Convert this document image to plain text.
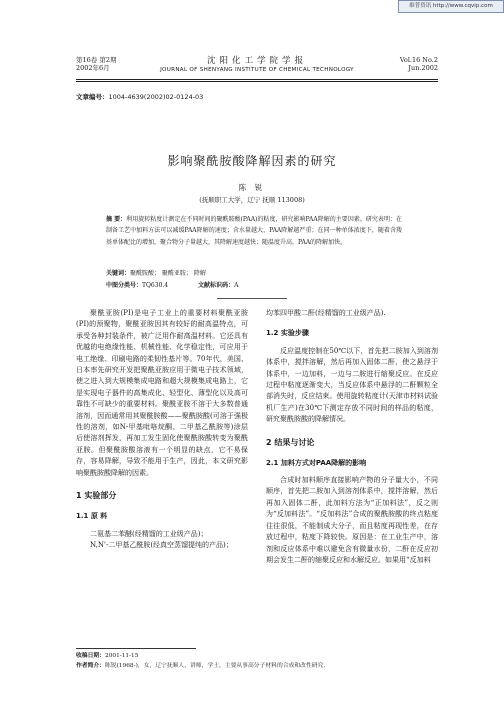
维普资讯 http://www.cqvip.com
第16卷 第2期
2002年6月
沈阳化工学院学报
JOURNAL OF SHENYANG INSTITUTE OF CHEMICAL TECHNOLOGY
Vol.16 No.2
Jun.2002
文章编号：1004-4639(2002)02-0124-03
影响聚酰胺酸降解因素的研究
陈 锐
(抚顺职工大学，辽宁 抚顺 113008)
摘 要：利用旋转粘度计测定在不同时间的聚酰胺酸(PAA)的粘度，研究影响PAA降解的主要因素。研究表明：在制备工艺中加料方法可以减缓PAA降解的速度；含水量越大，PAA降解越严重；在同一种单体浓度下，随着含羧基单体配比的增加，聚合物分子量越大，其降解速度越快；随温度升高，PAA的降解加快。
关键词：聚酰胺酸； 聚酰亚胺； 降解
中图分类号：TQ630.4	文献标识码：A

聚酰亚胺(PI)是电子工业上的重要材料聚酰亚胺(PI)的预聚物，聚酰亚胺因其有较好的耐高温特点，可承受各种封装条件，被广泛用作耐高温材料。它还具有优越的电绝缘性能、机械性能、化学稳定性，可应用于电工绝缘、印刷电路的柔韧性基片等。70年代，美国、日本率先研究开发把聚酰亚胺应用于微电子技术领域，使之进入到大规模集成电路和超大规模集成电路上，它是实现电子器件的高集成化、轻型化、薄型化以及高可靠性不可缺少的重要材料。聚酰亚胺不溶于大多数普通溶剂，因而通常用其聚酰胺酸——聚酰胺酸(可溶于强极性的溶剂，如N-甲基吡咯烷酮、二甲基乙酰胺等)涂层后使溶剂挥发，再加工发生固化使聚酰胺酸转变为聚酰亚胺。但聚酰胺酸溶液有一个明显的缺点，它不易保存，容易降解，导致不能用于生产，因此，本文研究影响聚酰胺酸降解的因素。

1 实验部分
1.1 原 料

二氨基二苯醚(经精馏的工业级产品)；

N,N'-二甲基乙酰胺(经真空蒸馏提纯的产品)；

均苯四甲酸二酐(经精馏的工业级产品).

1.2 实验步骤

反应温度控制在50℃以下，首先把二胺加入到溶剂体系中，搅拌溶解，然后再加入固体二酐，使之悬浮于体系中，一边加料，一边与二胺进行缩聚反应。在反应过程中粘度逐渐变大，当反应体系中悬浮的二酐颗粒全部消失时，反应结束。使用旋转粘度计(天津市材料试验机厂生产)在30℃下测定存放不同时间的样品的粘度，研究聚酰胺酸的降解情况。

2 结果与讨论
2.1 加料方式对PAA降解的影响

合成时加料顺序直接影响产物的分子量大小，不同顺序，首先把二胺加入到溶剂体系中，搅拌溶解，然后再加入固体二酐，此加料方法为“正加料法”，反之则为“反加料法”。“反加料法”合成的聚酰胺酸的终点粘度往往很低，不能制成大分子，而且粘度再现性差，在存放过程中，粘度下降较快。原因是：在工业生产中，溶剂和反应体系中难以避免含有微量水份，二酐在反应初期会发生二酐的缩聚反应和水解反应。如果用“反加料

收稿日期：2001-11-15
作者简介：陈锐(1968-)，女，辽宁抚顺人，讲师，学士，主要从事高分子材料的合成和改性研究.
